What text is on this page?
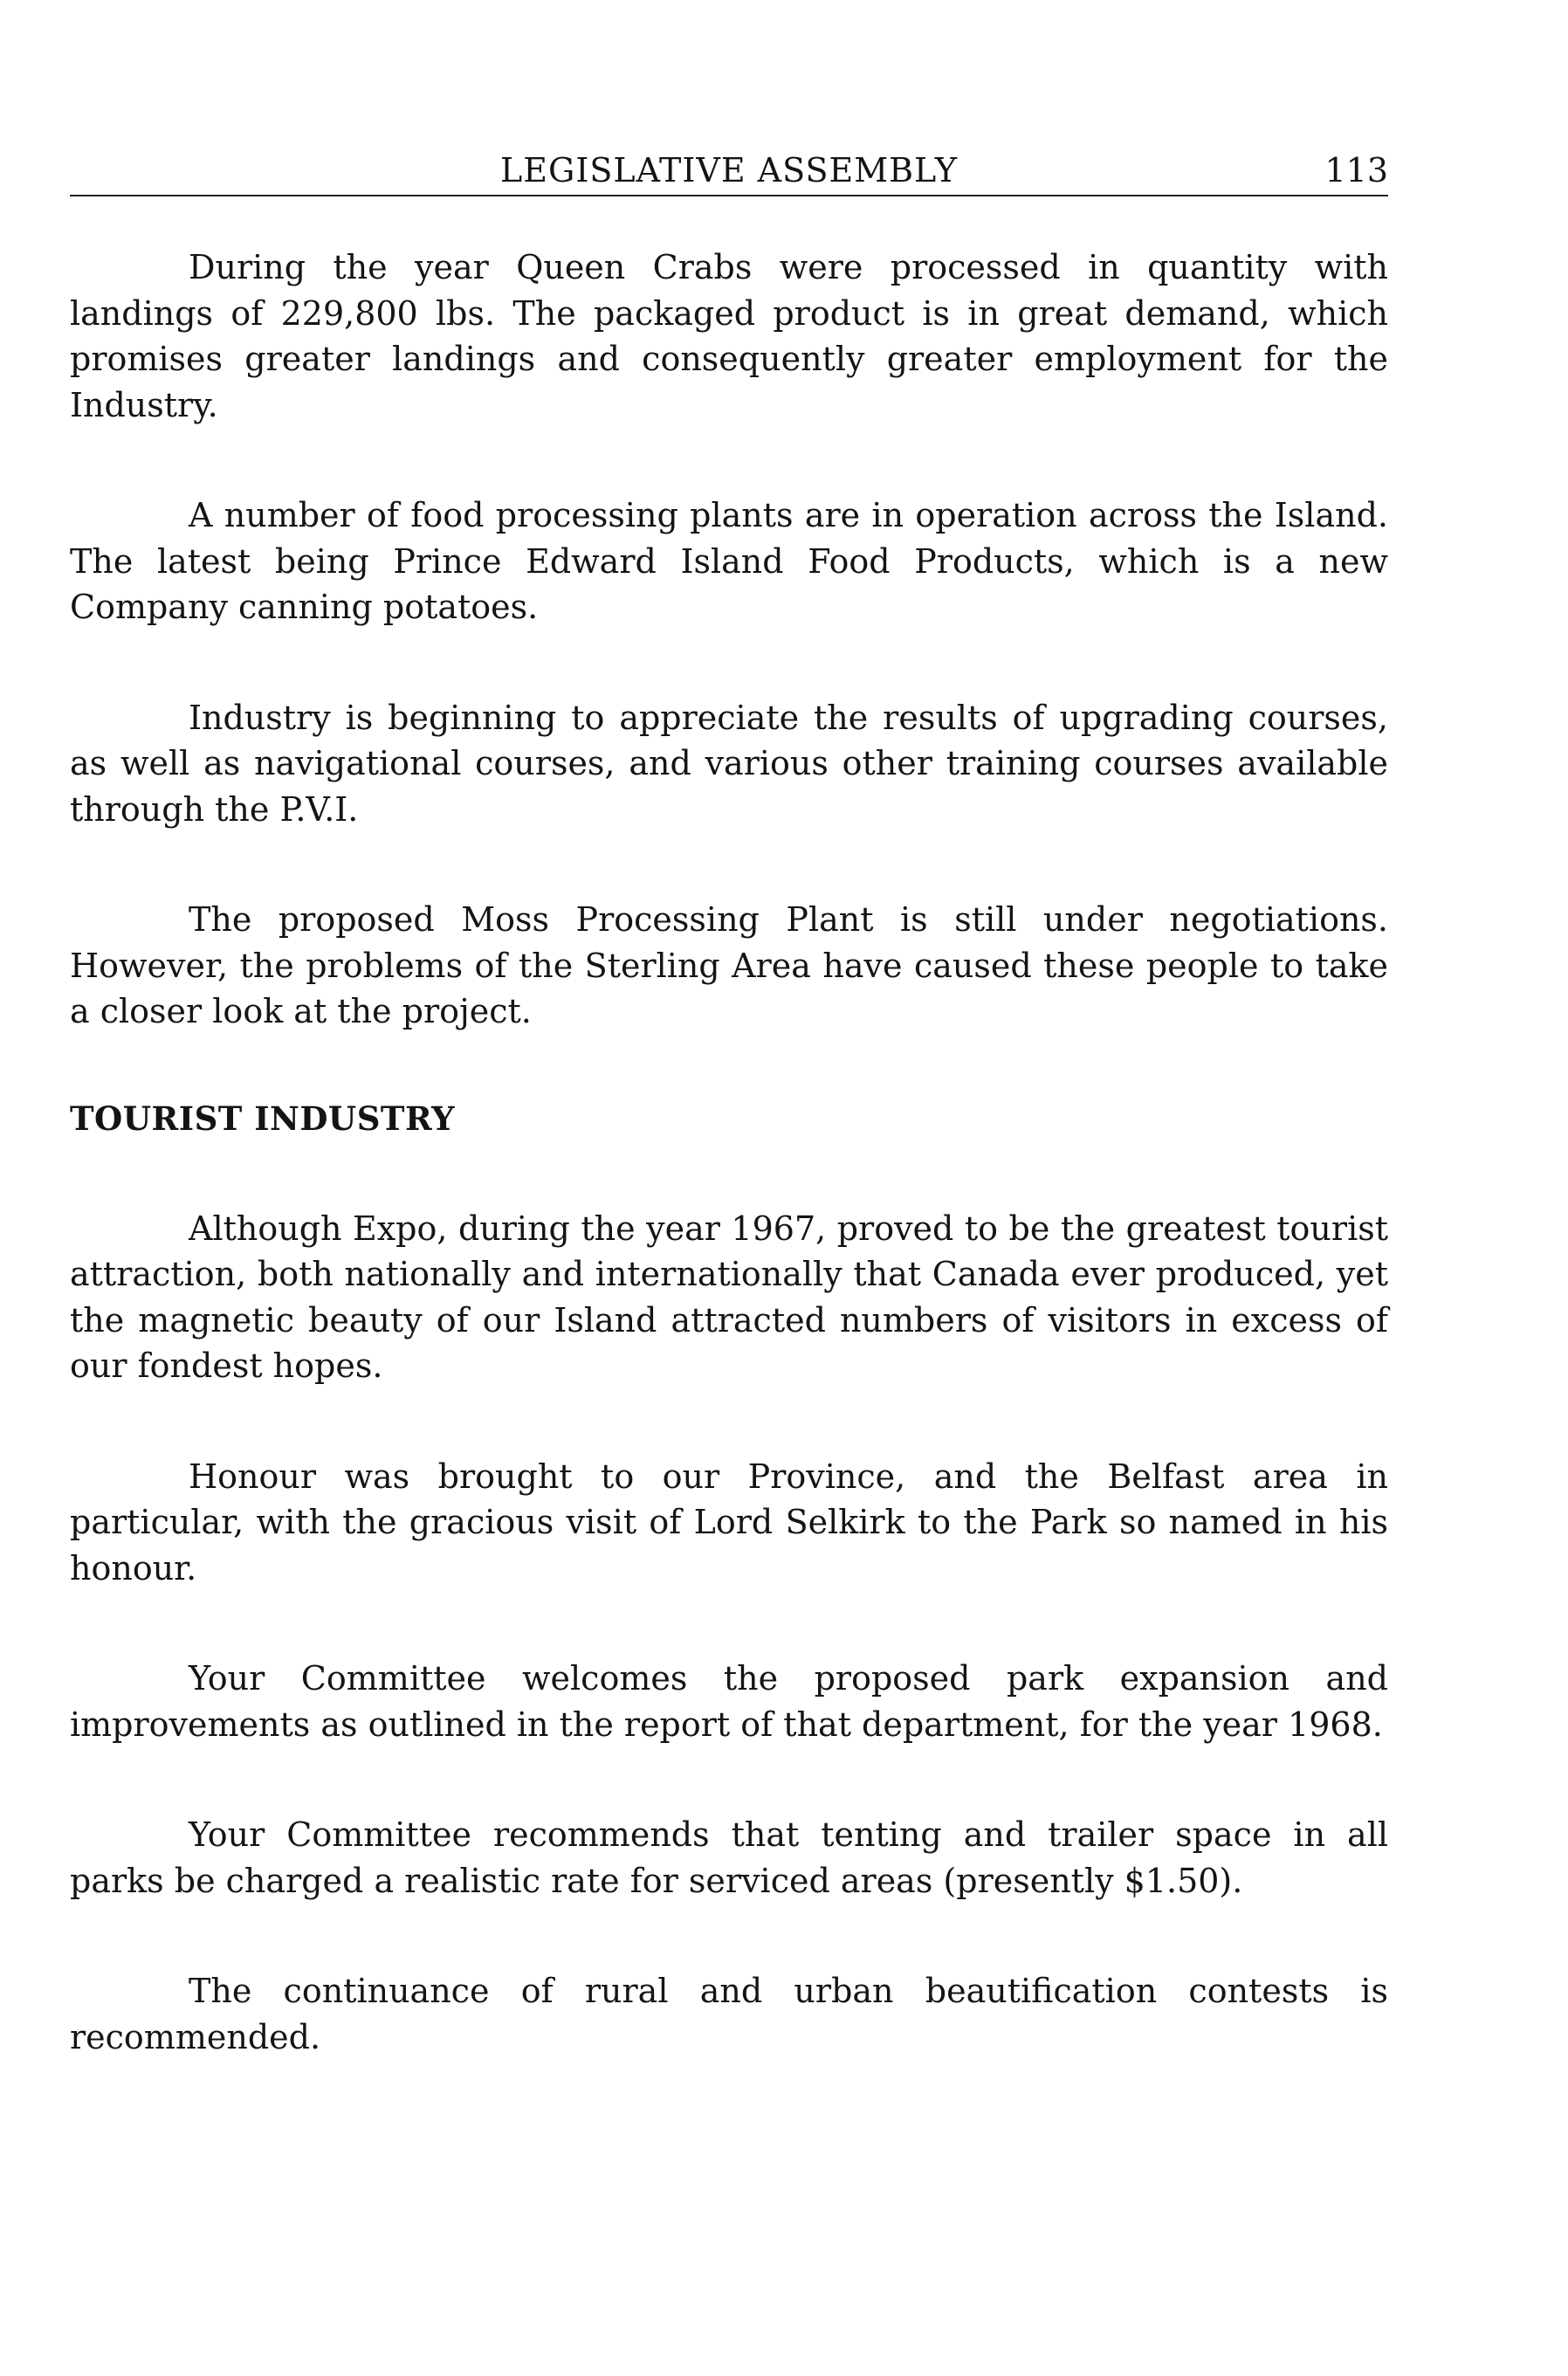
LEGISLATIVE ASSEMBLY	113

During the year Queen Crabs were processed in quantity with landings of 229,800 lbs. The packaged product is in great demand, which promises greater landings and consequently greater employment for the Industry.

A number of food processing plants are in operation across the Island. The latest being Prince Edward Island Food Products, which is a new Company canning potatoes.

Industry is beginning to appreciate the results of upgrading courses, as well as navigational courses, and various other training courses available through the P.V.I.

The proposed Moss Processing Plant is still under negotiations. However, the problems of the Sterling Area have caused these people to take a closer look at the project.

TOURIST INDUSTRY

Although Expo, during the year 1967, proved to be the greatest tourist attraction, both nationally and internationally that Canada ever produced, yet the magnetic beauty of our Island attracted numbers of visitors in excess of our fondest hopes.

Honour was brought to our Province, and the Belfast area in particular, with the gracious visit of Lord Selkirk to the Park so named in his honour.

Your Committee welcomes the proposed park expansion and improvements as outlined in the report of that department, for the year 1968.

Your Committee recommends that tenting and trailer space in all parks be charged a realistic rate for serviced areas (presently $1.50).

The continuance of rural and urban beautification contests is recommended.
